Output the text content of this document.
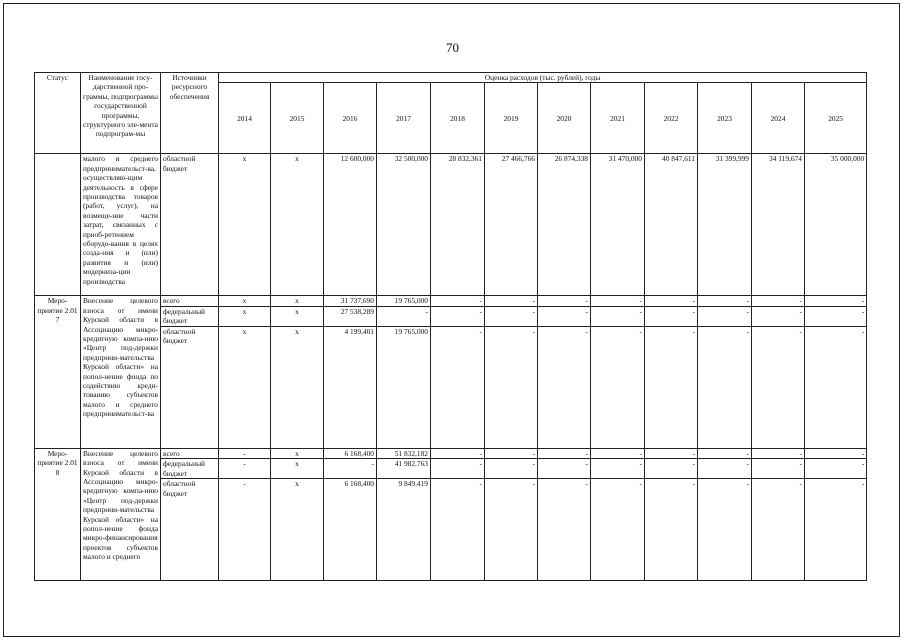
70
Статус	Наименование госу-дарственной про-граммы, подпрограммы государственной программы, структурного эле-мента подпрограм-мы	Источники ресурсного обеспечения	Оценка расходов (тыс. рублей), годы											
			2014	2015	2016	2017	2018	2019	2020	2021	2022	2023	2024	2025
	малого и среднего предпринимательст-ва, осуществляю-щим деятельность в сфере производства товаров (работ, услуг), на возмеще-ние части затрат, связанных с приоб-ретением оборудо-вания в целях созда-ния и (или) развития и (или) модерниза-ции производства	областной бюджет	x	x	12 600,000	32 500,000	28 832,361	27 466,766	26 874,338	31 470,000	40 847,611	31 399,999	34 119,674	35 000,000
Меро-приятие 2.01 7	Внесение целевого взноса от имени Курской области в Ассоциацию микро-кредитную компа-нию «Центр под-держки предприни-мательства Курской области» на попол-нение фонда по содействию креди-тованию субъектов малого и среднего предпринимательст-ва	всего	x	x	31 737,690	19 765,000	-	-	-	-	-	-	-	-
		федеральный бюджет	x	x	27 538,289	-	-	-	-	-	-	-	-	-
		областной бюджет	x	x	4 199,401	19 765,000	-	-	-	-	-	-	-	-
Меро-приятие 2.01 8	Внесение целевого взноса от имени Курской области в Ассоциацию микро-кредитную компа-нию «Центр под-держки предприни-мательства Курской области» на попол-нение фонда микро-финансирования проектов субъектов малого и среднего	всего	-	x	6 168,400	51 832,182	-	-	-	-	-	-	-	-
		федеральный бюджет	-	x	-	41 982,763	-	-	-	-	-	-	-	-
		областной бюджет	-	x	6 168,400	9 849,419	-	-	-	-	-	-	-	-
